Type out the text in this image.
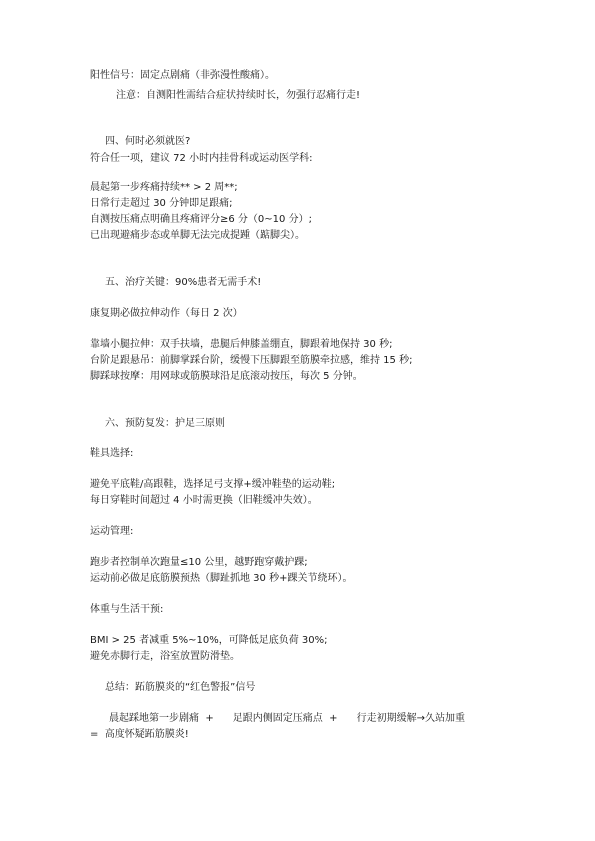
阳性信号：固定点剧痛（非弥漫性酸痛）。

注意：自测阳性需结合症状持续时长，勿强行忍痛行走!

四、何时必须就医?

符合任一项，建议 72 小时内挂骨科或运动医学科:

晨起第一步疼痛持续** > 2 周**;

日常行走超过 30 分钟即足跟痛;

自测按压痛点明确且疼痛评分≥6 分（0~10 分）;

已出现避痛步态或单脚无法完成提踵（踮脚尖）。

五、治疗关键：90%患者无需手术!

康复期必做拉伸动作（每日 2 次）

靠墙小腿拉伸：双手扶墙，患腿后伸膝盖绷直，脚跟着地保持 30 秒;

台阶足跟悬吊：前脚掌踩台阶，缓慢下压脚跟至筋膜牵拉感，维持 15 秒;

脚踩球按摩：用网球或筋膜球沿足底滚动按压，每次 5 分钟。

六、预防复发：护足三原则

鞋具选择:

避免平底鞋/高跟鞋，选择足弓支撑+缓冲鞋垫的运动鞋;

每日穿鞋时间超过 4 小时需更换（旧鞋缓冲失效）。

运动管理:

跑步者控制单次跑量≤10 公里，越野跑穿戴护踝;

运动前必做足底筋膜预热（脚趾抓地 30 秒+踝关节绕环）。

体重与生活干预:

BMI > 25 者减重 5%~10%，可降低足底负荷 30%;

避免赤脚行走，浴室放置防滑垫。

总结：跖筋膜炎的“红色警报”信号

晨起踩地第一步剧痛  +      足跟内侧固定压痛点  +      行走初期缓解→久站加重

=  高度怀疑跖筋膜炎!
